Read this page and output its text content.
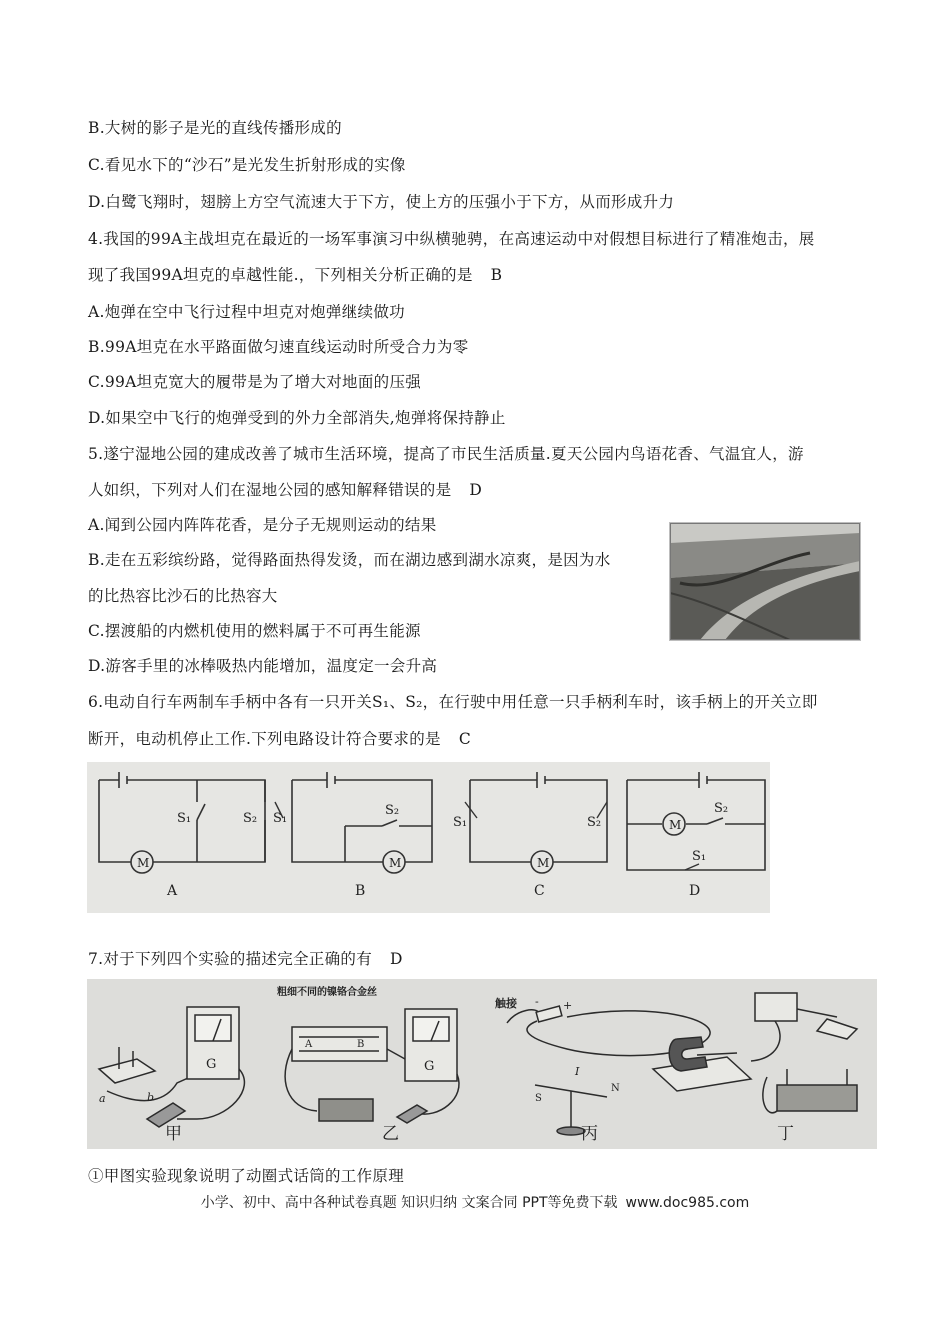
B.大树的影子是光的直线传播形成的
C.看见水下的“沙石”是光发生折射形成的实像
D.白鹭飞翔时，翅膀上方空气流速大于下方，使上方的压强小于下方，从而形成升力
4.我国的99A主战坦克在最近的一场军事演习中纵横驰骋，在高速运动中对假想目标进行了精准炮击，展
现了我国99A坦克的卓越性能.，下列相关分析正确的是 B
A.炮弹在空中飞行过程中坦克对炮弹继续做功
B.99A坦克在水平路面做匀速直线运动时所受合力为零
C.99A坦克宽大的履带是为了增大对地面的压强
D.如果空中飞行的炮弹受到的外力全部消失,炮弹将保持静止
5.遂宁湿地公园的建成改善了城市生活环境，提高了市民生活质量.夏天公园内鸟语花香、气温宜人，游
人如织，下列对人们在湿地公园的感知解释错误的是 D
A.闻到公园内阵阵花香，是分子无规则运动的结果
B.走在五彩缤纷路，觉得路面热得发烫，而在湖边感到湖水凉爽，是因为水
的比热容比沙石的比热容大
C.摆渡船的内燃机使用的燃料属于不可再生能源
D.游客手里的冰棒吸热内能增加，温度定一会升高
6.电动自行车两制车手柄中各有一只开关S₁、S₂，在行驶中用任意一只手柄利车时，该手柄上的开关立即
断开，电动机停止工作.下列电路设计符合要求的是 C
S₁	S₂
M
A
S₁
S₂
M
B
S₁	S₂
M
C
S₂
S₁
M
D
7.对于下列四个实验的描述完全正确的有 D
G
a	b
甲
粗细不同的镍铬合金丝
A	B
G
乙
触接 - +
I
S
N
丙	丁
①甲图实验现象说明了动圈式话筒的工作原理
小学、初中、高中各种试卷真题 知识归纳 文案合同 PPT等免费下载 www.doc985.com
